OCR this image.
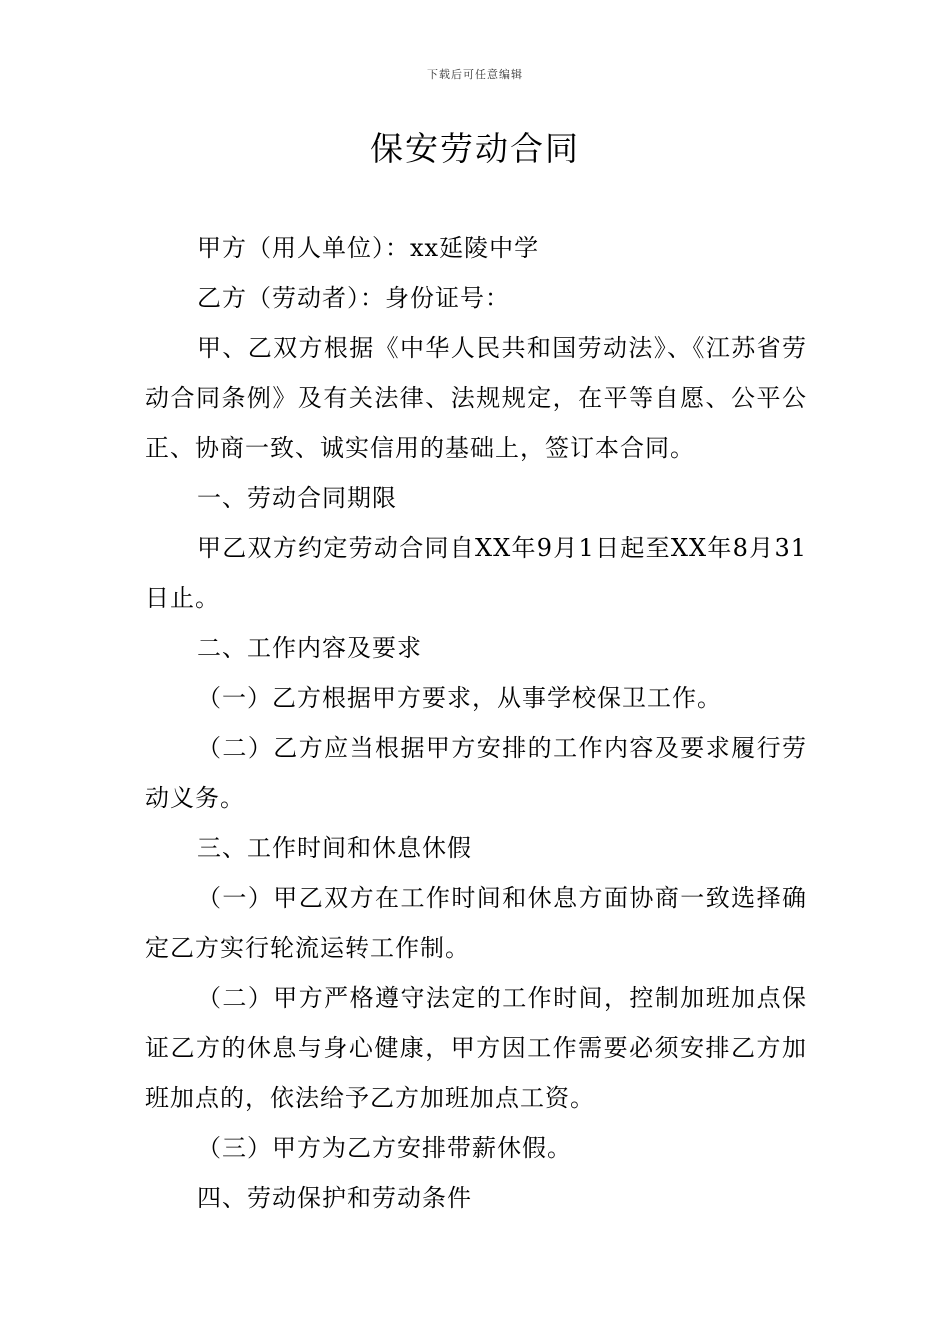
下载后可任意编辑
保安劳动合同

甲方（用人单位）：xx延陵中学

乙方（劳动者）：身份证号：

甲、乙双方根据《中华人民共和国劳动法》、《江苏省劳动合同条例》及有关法律、法规规定，在平等自愿、公平公正、协商一致、诚实信用的基础上，签订本合同。

一、劳动合同期限

甲乙双方约定劳动合同自XX年9月1日起至XX年8月31日止。

二、工作内容及要求

（一）乙方根据甲方要求，从事学校保卫工作。

（二）乙方应当根据甲方安排的工作内容及要求履行劳动义务。

三、工作时间和休息休假

（一）甲乙双方在工作时间和休息方面协商一致选择确定乙方实行轮流运转工作制。

（二）甲方严格遵守法定的工作时间，控制加班加点保证乙方的休息与身心健康，甲方因工作需要必须安排乙方加班加点的，依法给予乙方加班加点工资。

（三）甲方为乙方安排带薪休假。

四、劳动保护和劳动条件
